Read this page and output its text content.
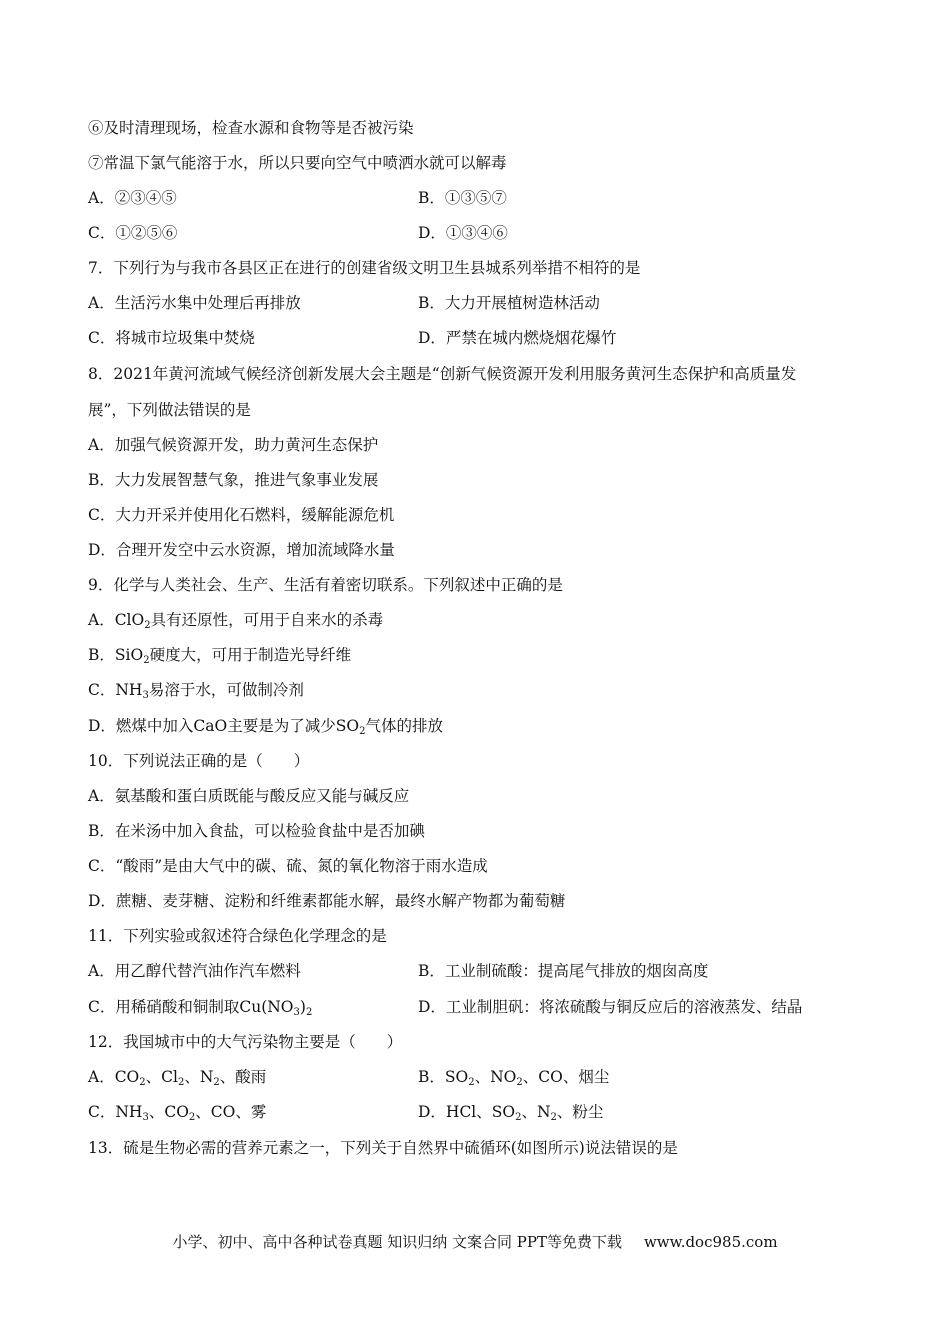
⑥及时清理现场，检查水源和食物等是否被污染
⑦常温下氯气能溶于水，所以只要向空气中喷洒水就可以解毒
A．②③④⑤	B．①③⑤⑦
C．①②⑤⑥	D．①③④⑥
7．下列行为与我市各县区正在进行的创建省级文明卫生县城系列举措不相符的是
A．生活污水集中处理后再排放	B．大力开展植树造林活动
C．将城市垃圾集中焚烧	D．严禁在城内燃烧烟花爆竹
8．2021年黄河流域气候经济创新发展大会主题是“创新气候资源开发利用服务黄河生态保护和高质量发
展”，下列做法错误的是
A．加强气候资源开发，助力黄河生态保护
B．大力发展智慧气象，推进气象事业发展
C．大力开采并使用化石燃料，缓解能源危机
D．合理开发空中云水资源，增加流域降水量
9．化学与人类社会、生产、生活有着密切联系。下列叙述中正确的是
A．ClO$_2$具有还原性，可用于自来水的杀毒
B．SiO$_2$硬度大，可用于制造光导纤维
C．$NH_3$易溶于水，可做制冷剂
D．燃煤中加入CaO主要是为了减少$SO_2$气体的排放
10．下列说法正确的是（　　）
A．氨基酸和蛋白质既能与酸反应又能与碱反应
B．在米汤中加入食盐，可以检验食盐中是否加碘
C．“酸雨”是由大气中的碳、硫、氮的氧化物溶于雨水造成
D．蔗糖、麦芽糖、淀粉和纤维素都能水解，最终水解产物都为葡萄糖
11．下列实验或叙述符合绿色化学理念的是
A．用乙醇代替汽油作汽车燃料	B．工业制硫酸：提高尾气排放的烟囱高度
C．用稀硝酸和铜制取$Cu(NO_3)_2$	D．工业制胆矾：将浓硫酸与铜反应后的溶液蒸发、结晶
12．我国城市中的大气污染物主要是（　　）
A．$CO_2$、$Cl_2$、$N_2$、酸雨	B．$SO_2$、$NO_2$、CO、烟尘
C．$NH_3$、$CO_2$、CO、雾	D．HCl、$SO_2$、$N_2$、粉尘
13．硫是生物必需的营养元素之一，下列关于自然界中硫循环(如图所示)说法错误的是
小学、初中、高中各种试卷真题 知识归纳 文案合同 PPT等免费下载 www.doc985.com
